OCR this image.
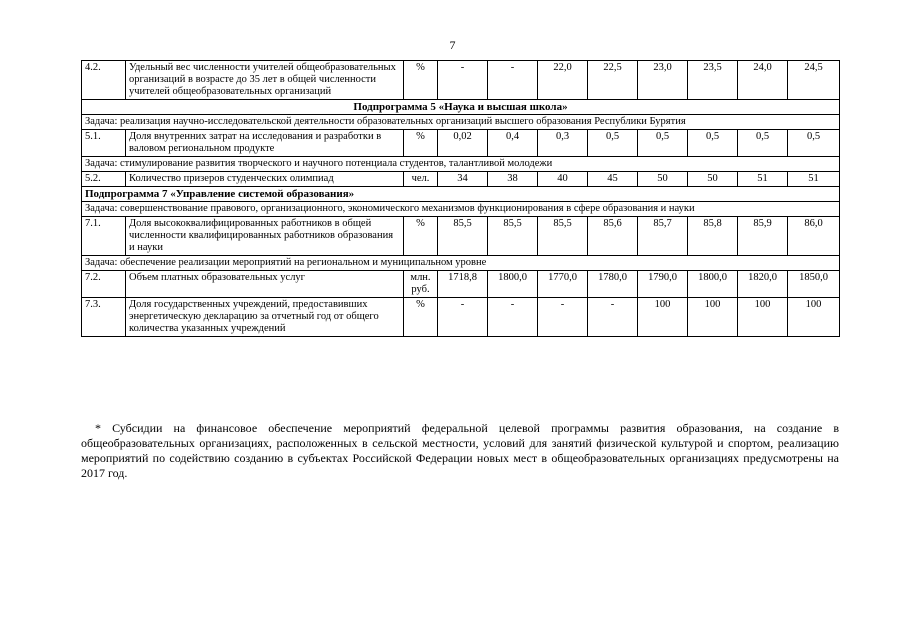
7
4.2.	Удельный вес численности учителей общеобразовательных организаций в возрасте до 35 лет в общей численности учителей общеобразовательных организаций	%	-	-	22,0	22,5	23,0	23,5	24,0	24,5
Подпрограмма 5 «Наука и высшая школа»										
Задача: реализация научно-исследовательской деятельности образовательных организаций высшего образования Республики Бурятия										
5.1.	Доля внутренних затрат на исследования и разработки в валовом региональном продукте	%	0,02	0,4	0,3	0,5	0,5	0,5	0,5	0,5
Задача: стимулирование развития творческого и научного потенциала студентов, талантливой молодежи										
5.2.	Количество призеров студенческих олимпиад	чел.	34	38	40	45	50	50	51	51
Подпрограмма 7 «Управление системой образования»										
Задача: совершенствование правового, организационного, экономического механизмов функционирования в сфере образования и науки										
7.1.	Доля высококвалифицированных работников в общей численности квалифицированных работников образования и науки	%	85,5	85,5	85,5	85,6	85,7	85,8	85,9	86,0
Задача: обеспечение реализации мероприятий на региональном и муниципальном уровне										
7.2.	Объем платных образовательных услуг	млн. руб.	1718,8	1800,0	1770,0	1780,0	1790,0	1800,0	1820,0	1850,0
7.3.	Доля государственных учреждений, предоставивших энергетическую декларацию за отчетный год от общего количества указанных учреждений	%	-	-	-	-	100	100	100	100
* Субсидии на финансовое обеспечение мероприятий федеральной целевой программы развития образования, на создание в общеобразовательных организациях, расположенных в сельской местности, условий для занятий физической культурой и спортом, реализацию мероприятий по содействию созданию в субъектах Российской Федерации новых мест в общеобразовательных организациях предусмотрены на 2017 год.
